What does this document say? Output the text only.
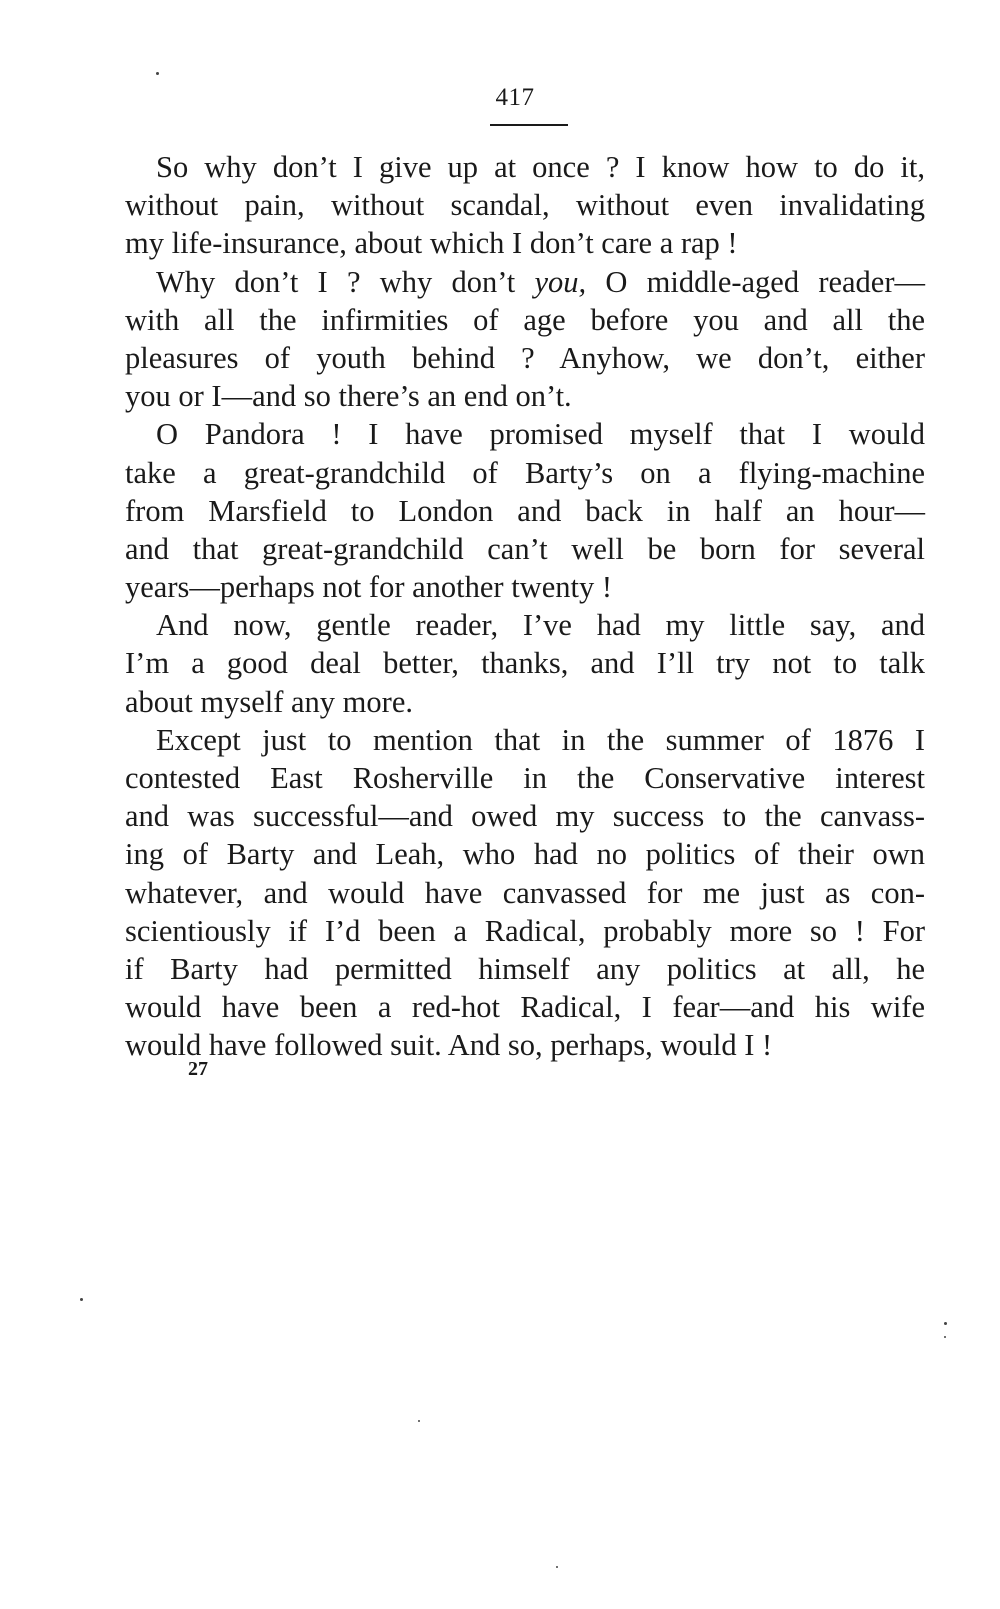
417
So why don’t I give up at once ? I know how to do it,
without pain, without scandal, without even invalidating
my life-insurance, about which I don’t care a rap !
Why don’t I ? why don’t you, O middle-aged reader—
with all the infirmities of age before you and all the
pleasures of youth behind ? Anyhow, we don’t, either
you or I—and so there’s an end on’t.
O Pandora ! I have promised myself that I would
take a great-grandchild of Barty’s on a flying-machine
from Marsfield to London and back in half an hour—
and that great-grandchild can’t well be born for several
years—perhaps not for another twenty !
And now, gentle reader, I’ve had my little say, and
I’m a good deal better, thanks, and I’ll try not to talk
about myself any more.
Except just to mention that in the summer of 1876 I
contested East Rosherville in the Conservative interest
and was successful—and owed my success to the canvass-
ing of Barty and Leah, who had no politics of their own
whatever, and would have canvassed for me just as con-
scientiously if I’d been a Radical, probably more so ! For
if Barty had permitted himself any politics at all, he
would have been a red-hot Radical, I fear—and his wife
would have followed suit. And so, perhaps, would I !
27
